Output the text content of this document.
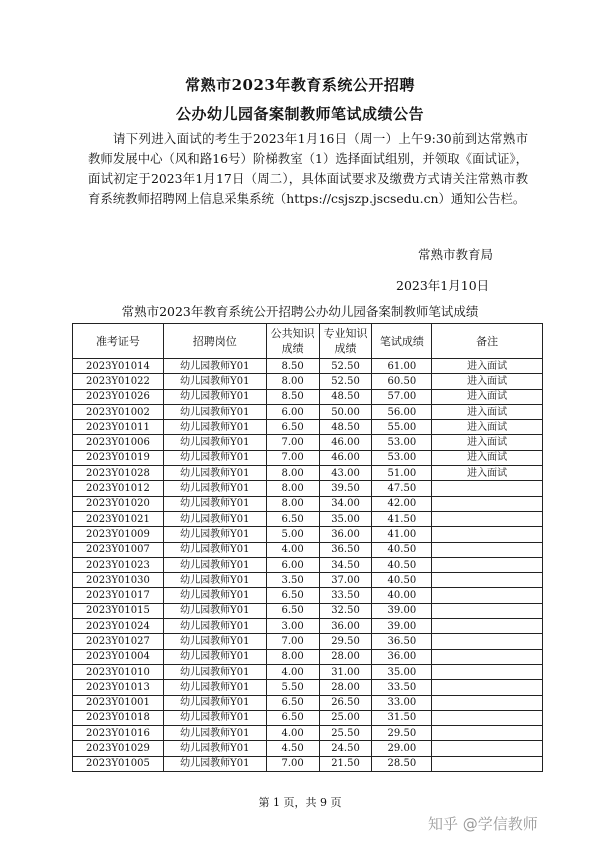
常熟市2023年教育系统公开招聘
公办幼儿园备案制教师笔试成绩公告
请下列进入面试的考生于2023年1月16日（周一）上午9:30前到达常熟市教师发展中心（风和路16号）阶梯教室（1）选择面试组别，并领取《面试证》，面试初定于2023年1月17日（周二），具体面试要求及缴费方式请关注常熟市教育系统教师招聘网上信息采集系统（https://csjszp.jscsedu.cn）通知公告栏。
常熟市教育局
2023年1月10日
常熟市2023年教育系统公开招聘公办幼儿园备案制教师笔试成绩
准考证号	招聘岗位	公共知识成绩	专业知识成绩	笔试成绩	备注
2023Y01014	幼儿园教师Y01	8.50	52.50	61.00	进入面试
2023Y01022	幼儿园教师Y01	8.00	52.50	60.50	进入面试
2023Y01026	幼儿园教师Y01	8.50	48.50	57.00	进入面试
2023Y01002	幼儿园教师Y01	6.00	50.00	56.00	进入面试
2023Y01011	幼儿园教师Y01	6.50	48.50	55.00	进入面试
2023Y01006	幼儿园教师Y01	7.00	46.00	53.00	进入面试
2023Y01019	幼儿园教师Y01	7.00	46.00	53.00	进入面试
2023Y01028	幼儿园教师Y01	8.00	43.00	51.00	进入面试
2023Y01012	幼儿园教师Y01	8.00	39.50	47.50	
2023Y01020	幼儿园教师Y01	8.00	34.00	42.00	
2023Y01021	幼儿园教师Y01	6.50	35.00	41.50	
2023Y01009	幼儿园教师Y01	5.00	36.00	41.00	
2023Y01007	幼儿园教师Y01	4.00	36.50	40.50	
2023Y01023	幼儿园教师Y01	6.00	34.50	40.50	
2023Y01030	幼儿园教师Y01	3.50	37.00	40.50	
2023Y01017	幼儿园教师Y01	6.50	33.50	40.00	
2023Y01015	幼儿园教师Y01	6.50	32.50	39.00	
2023Y01024	幼儿园教师Y01	3.00	36.00	39.00	
2023Y01027	幼儿园教师Y01	7.00	29.50	36.50	
2023Y01004	幼儿园教师Y01	8.00	28.00	36.00	
2023Y01010	幼儿园教师Y01	4.00	31.00	35.00	
2023Y01013	幼儿园教师Y01	5.50	28.00	33.50	
2023Y01001	幼儿园教师Y01	6.50	26.50	33.00	
2023Y01018	幼儿园教师Y01	6.50	25.00	31.50	
2023Y01016	幼儿园教师Y01	4.00	25.50	29.50	
2023Y01029	幼儿园教师Y01	4.50	24.50	29.00	
2023Y01005	幼儿园教师Y01	7.00	21.50	28.50	
第 1 页，共 9 页
知乎 @学信教师
